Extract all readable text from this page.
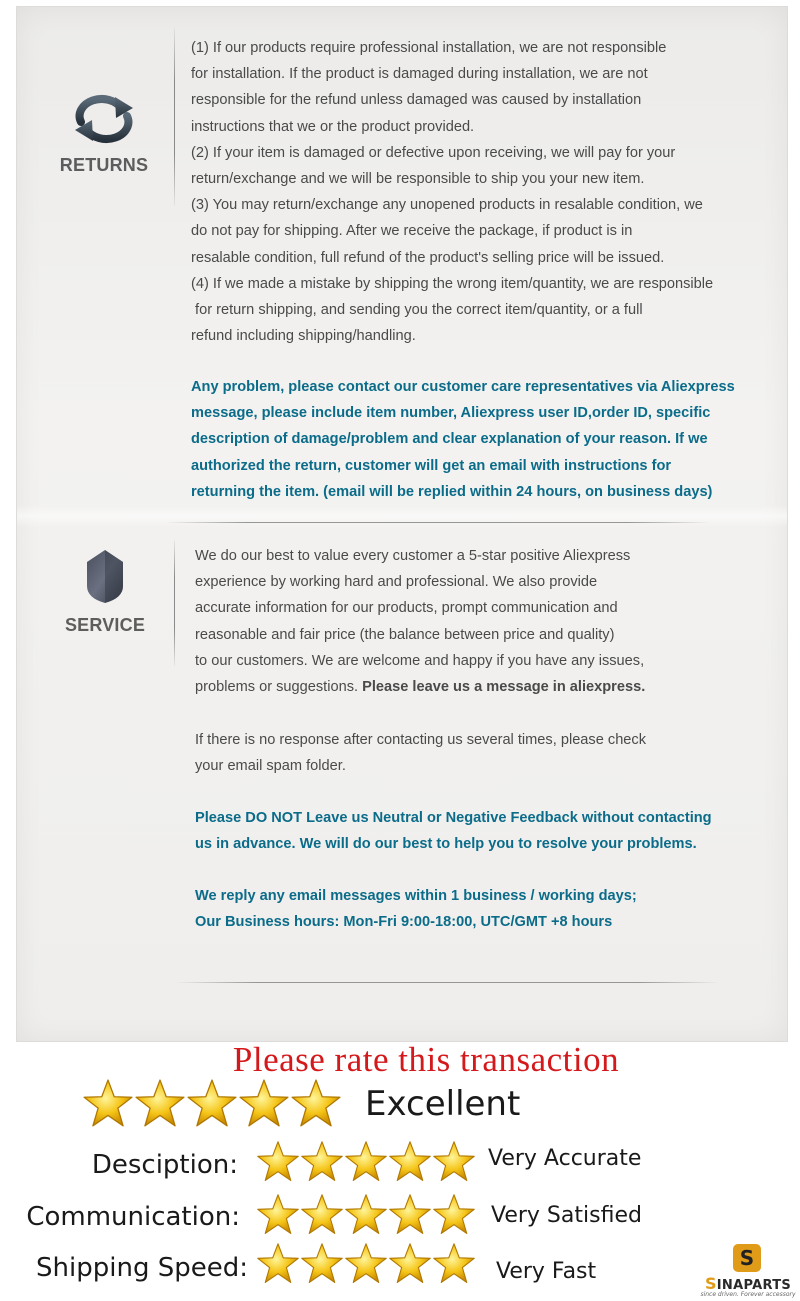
RETURNS

(1) If our products require professional installation, we are not responsible

for installation. If the product is damaged during installation, we are not

responsible for the refund unless damaged was caused by installation

instructions that we or the product provided.

(2) If your item is damaged or defective upon receiving, we will pay for your

return/exchange and we will be responsible to ship you your new item.

(3) You may return/exchange any unopened products in resalable condition, we

do not pay for shipping. After we receive the package, if product is in

resalable condition, full refund of the product's selling price will be issued.

(4) If we made a mistake by shipping the wrong item/quantity, we are responsible

for return shipping, and sending you the correct item/quantity, or a full

refund including shipping/handling.

Any problem, please contact our customer care representatives via Aliexpress

message, please include item number, Aliexpress user ID,order ID, specific

description of damage/problem and clear explanation of your reason. If we

authorized the return, customer will get an email with instructions for

returning the item. (email will be replied within 24 hours, on business days)

SERVICE

We do our best to value every customer a 5-star positive Aliexpress

experience by working hard and professional. We also provide

accurate information for our products, prompt communication and

reasonable and fair price (the balance between price and quality)

to our customers. We are welcome and happy if you have any issues,

problems or suggestions. Please leave us a message in aliexpress.

If there is no response after contacting us several times, please check

your email spam folder.

Please DO NOT Leave us Neutral or Negative Feedback without contacting

us in advance. We will do our best to help you to resolve your problems.

We reply any email messages within 1 business / working days;

Our Business hours: Mon-Fri 9:00-18:00, UTC/GMT +8 hours

Please rate this transaction
Excellent
Desciption:	Very Accurate
Communication:	Very Satisfied
Shipping Speed:	Very Fast
S
SINAPARTS
since driven. Forever accessory
